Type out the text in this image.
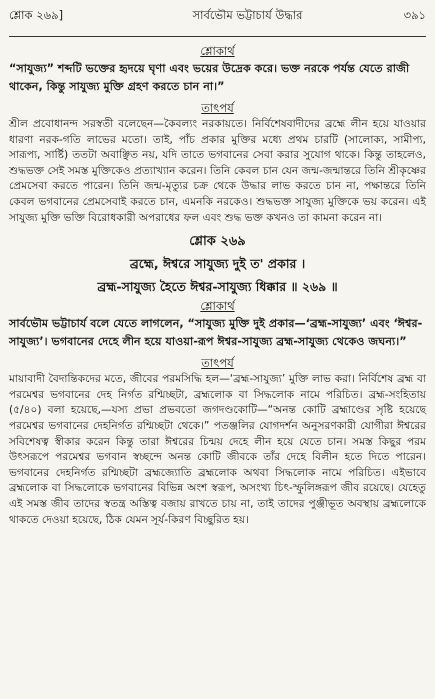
শ্লোক ২৬৯]	সার্বভৌম ভট্টাচার্য উদ্ধার	৩৯১

শ্লোকার্থ

“সাযুজ্য” শব্দটি ভক্তের হৃদয়ে ঘৃণা এবং ভয়ের উদ্রেক করে। ভক্ত নরকে পর্যন্ত যেতে রাজী থাকেন, কিন্তু সাযুজ্য মুক্তি গ্রহণ করতে চান না।”

তাৎপর্য

শ্রীল প্রবোধানন্দ সরস্বতী বলেছেন—কৈবল্যং নরকায়তে। নির্বিশেষবাদীদের ব্রহ্মে লীন হয়ে যাওয়ার ধারণা নরক-গতি লাভের মতো। তাই, পাঁচ প্রকার মুক্তির মধ্যে প্রথম চারটি (সালোক্য, সামীপ্য, সারূপ্য, সার্ষ্টি) ততটা অবাঞ্ছিত নয়, যদি তাতে ভগবানের সেবা করার সুযোগ থাকে। কিন্তু তাহলেও, শুদ্ধভক্ত সেই সমস্ত মুক্তিকেও প্রত্যাখ্যান করেন। তিনি কেবল চান যেন জন্ম-জন্মান্তরে তিনি শ্রীকৃষ্ণের প্রেমসেবা করতে পারেন। তিনি জন্ম-মৃত্যুর চক্র থেকে উদ্ধার লাভ করতে চান না, পক্ষান্তরে তিনি কেবল ভগবানের প্রেমসেবাই করতে চান, এমনকি নরকেও। শুদ্ধভক্ত সাযুজ্য মুক্তিকে ভয় করেন। এই সাযুজ্য মুক্তি ভক্তি বিরোধকারী অপরাধের ফল এবং শুদ্ধ ভক্ত কখনও তা কামনা করেন না।

শ্লোক ২৬৯

ব্রহ্মে, ঈশ্বরে সাযুজ্য দুই ত' প্রকার ।

ব্রহ্ম-সাযুজ্য হৈতে ঈশ্বর-সাযুজ্য ধিক্কার ॥ ২৬৯ ॥

শ্লোকার্থ

সার্বভৌম ভট্টাচার্য বলে যেতে লাগলেন, “সাযুজ্য মুক্তি দুই প্রকার—‘ব্রহ্ম-সাযুজ্য’ এবং ‘ঈশ্বর-সাযুজ্য’। ভগবানের দেহে লীন হয়ে যাওয়া-রূপ ঈশ্বর-সাযুজ্য ব্রহ্ম-সাযুজ্য থেকেও জঘন্য।”

তাৎপর্য

মায়াবাদী বৈদান্তিকদের মতে, জীবের পরমসিদ্ধি হল—‘ব্রহ্ম-সাযুজ্য’ মুক্তি লাভ করা। নির্বিশেষ ব্রহ্ম বা পরমেশ্বর ভগবানের দেহ নির্গত রশ্মিচ্ছটা, ব্রহ্মলোক বা সিদ্ধলোক নামে পরিচিত। ব্রহ্ম-সংহিতায় (৫/৪০) বলা হয়েছে,—যস্য প্রভা প্রভবতো জগদণ্ডকোটি—“অনন্ত কোটি ব্রহ্মাণ্ডের সৃষ্টি হয়েছে পরমেশ্বর ভগবানের দেহনির্গত রশ্মিচ্ছটা থেকে।” পতঞ্জলির যোগদর্শন অনুসরণকারী যোগীরা ঈশ্বরের সবিশেষত্ব স্বীকার করেন কিন্তু তারা ঈশ্বরের চিন্ময় দেহে লীন হয়ে যেতে চান। সমস্ত কিছুর পরম উৎসরূপে পরমেশ্বর ভগবান স্বচ্ছন্দে অনন্ত কোটি জীবকে তাঁর দেহে বিলীন হতে দিতে পারেন। ভগবানের দেহনির্গত রশ্মিচ্ছটা ব্রহ্মজ্যোতি ব্রহ্মলোক অথবা সিদ্ধলোক নামে পরিচিত। এইভাবে ব্রহ্মলোক বা সিদ্ধলোকে ভগবানের বিভিন্ন অংশ স্বরূপ, অসংখ্য চিৎ-স্ফুলিঙ্গরূপ জীব রয়েছে। যেহেতু এই সমস্ত জীব তাদের স্বতন্ত্র অস্তিত্ব বজায় রাখতে চায় না, তাই তাদের পুঞ্জীভূত অবস্থায় ব্রহ্মলোকে থাকতে দেওয়া হয়েছে, ঠিক যেমন সূর্য-কিরণ বিচ্ছুরিত হয়।
